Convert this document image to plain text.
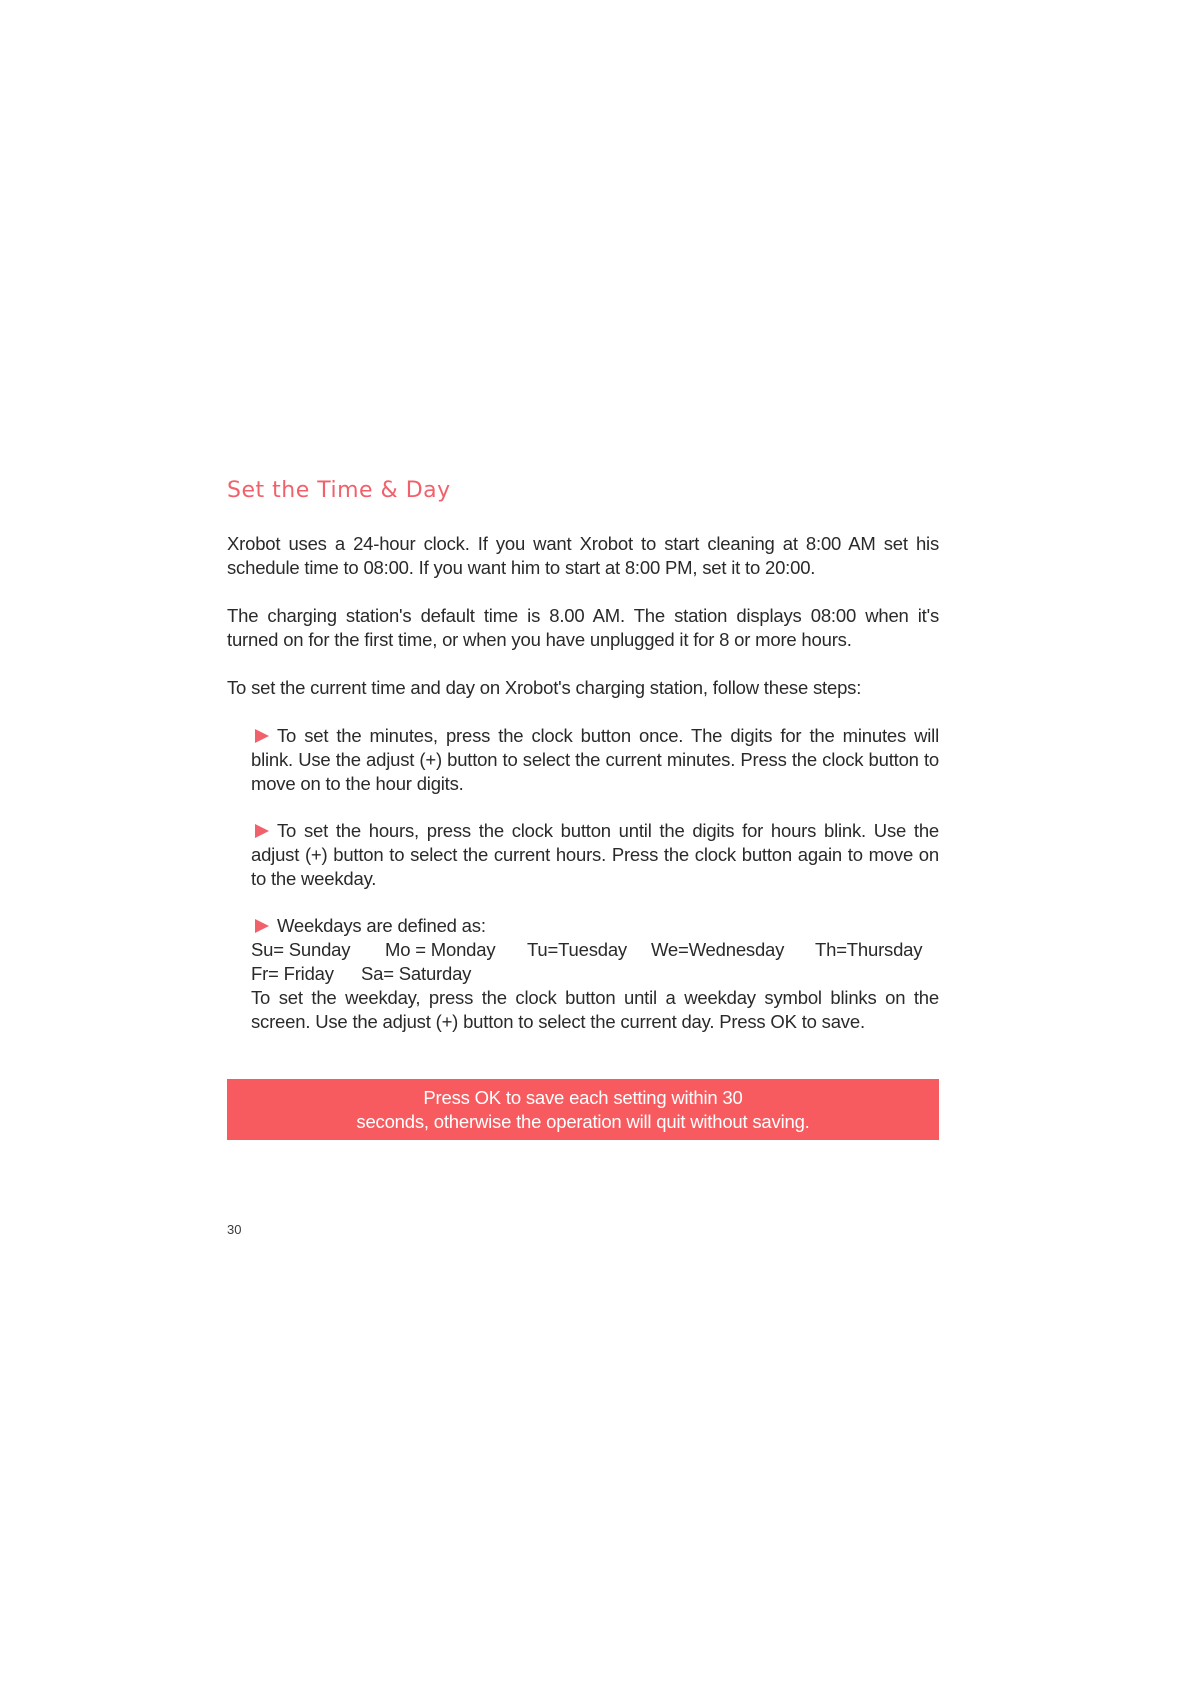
Set the Time & Day

Xrobot uses a 24-hour clock. If you want Xrobot to start cleaning at 8:00 AM set his schedule time to 08:00. If you want him to start at 8:00 PM, set it to 20:00.

The charging station's default time is 8.00 AM. The station displays 08:00 when it's turned on for the first time, or when you have unplugged it for 8 or more hours.

To set the current time and day on Xrobot's charging station, follow these steps:

To set the minutes, press the clock button once. The digits for the minutes will blink. Use the adjust (+) button to select the current minutes. Press the clock button to move on to the hour digits.
To set the hours, press the clock button until the digits for hours blink. Use the adjust (+) button to select the current hours. Press the clock button again to move on to the weekday.
Weekdays are defined as:
Su= Sunday	Mo = Monday	Tu=Tuesday	We=Wednesday	Th=Thursday
Fr= Friday	Sa= Saturday
To set the weekday, press the clock button until a weekday symbol blinks on the screen. Use the adjust (+) button to select the current day. Press OK to save.
Press OK to save each setting within 30
seconds, otherwise the operation will quit without saving.
30
